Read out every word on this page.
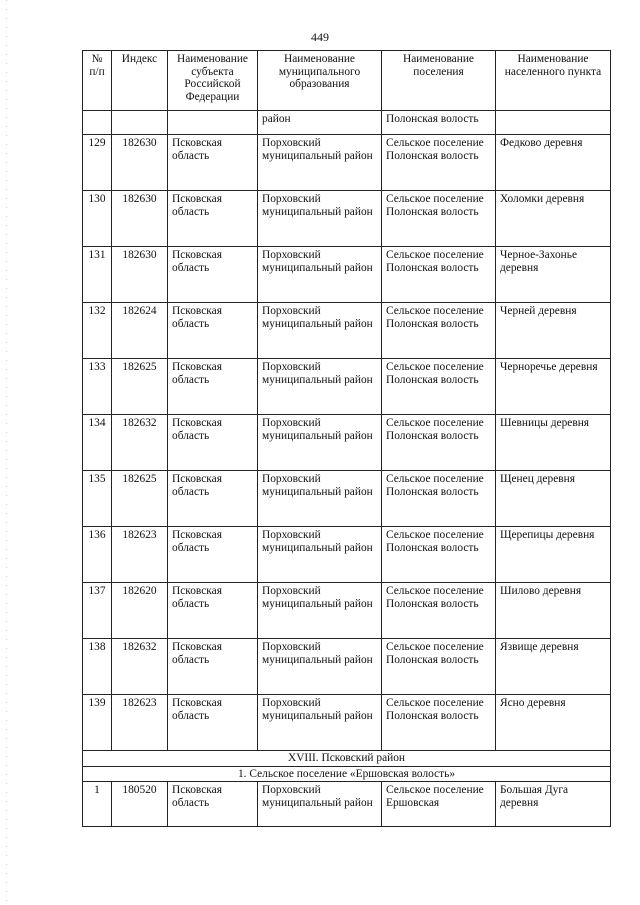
449
№
п/п	Индекс	Наименование субъекта Российской Федерации	Наименование муниципального образования	Наименование поселения	Наименование населенного пункта
			район	Полонская волость	
129	182630	Псковская область	Порховский муниципальный район	Сельское поселение Полонская волость	Федково деревня
130	182630	Псковская область	Порховский муниципальный район	Сельское поселение Полонская волость	Холомки деревня
131	182630	Псковская область	Порховский муниципальный район	Сельское поселение Полонская волость	Черное-Захонье деревня
132	182624	Псковская область	Порховский муниципальный район	Сельское поселение Полонская волость	Черней деревня
133	182625	Псковская область	Порховский муниципальный район	Сельское поселение Полонская волость	Черноречье деревня
134	182632	Псковская область	Порховский муниципальный район	Сельское поселение Полонская волость	Шевницы деревня
135	182625	Псковская область	Порховский муниципальный район	Сельское поселение Полонская волость	Щенец деревня
136	182623	Псковская область	Порховский муниципальный район	Сельское поселение Полонская волость	Щерепицы деревня
137	182620	Псковская область	Порховский муниципальный район	Сельское поселение Полонская волость	Шилово деревня
138	182632	Псковская область	Порховский муниципальный район	Сельское поселение Полонская волость	Язвище деревня
139	182623	Псковская область	Порховский муниципальный район	Сельское поселение Полонская волость	Ясно деревня
XVIII. Псковский район					
1. Сельское поселение «Ершовская волость»					
1	180520	Псковская область	Порховский муниципальный район	Сельское поселение Ершовская	Большая Дуга деревня
